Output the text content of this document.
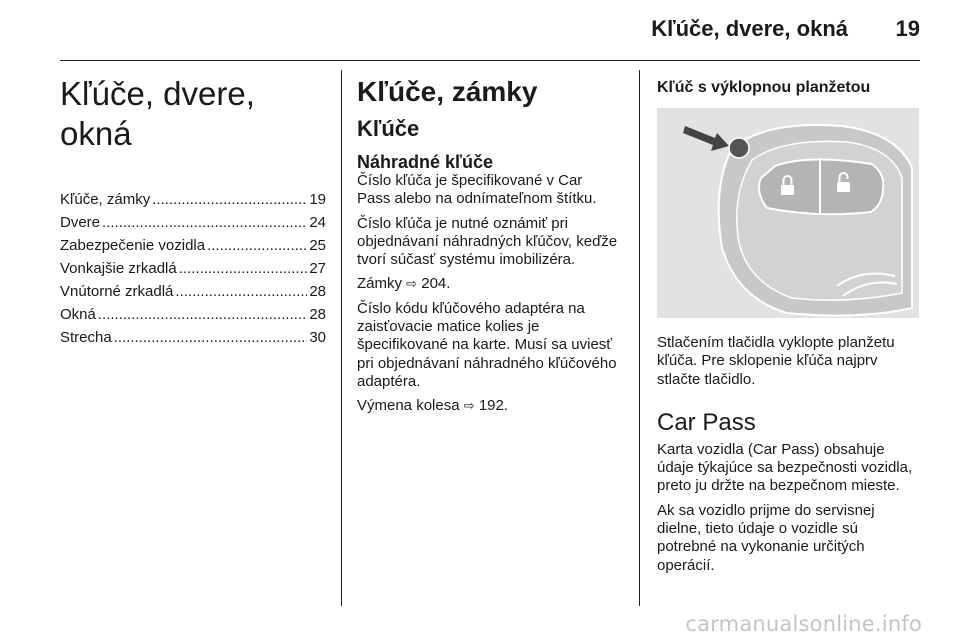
Kľúče, dvere, okná 19
Kľúče, dvere, okná
Kľúče, zámky .....	19
Dvere .....	24
Zabezpečenie vozidla .....	25
Vonkajšie zrkadlá .....	27
Vnútorné zrkadlá .....	28
Okná .....	28
Strecha .....	30
Kľúče, zámky
Kľúče
Náhradné kľúče

Číslo kľúča je špecifikované v Car Pass alebo na odnímateľnom štítku.

Číslo kľúča je nutné oznámiť pri objednávaní náhradných kľúčov, keďže tvorí súčasť systému imobilizéra.

Zámky ⇨ 204.

Číslo kódu kľúčového adaptéra na zaisťovacie matice kolies je špecifikované na karte. Musí sa uviesť pri objednávaní náhradného kľúčového adaptéra.

Výmena kolesa ⇨ 192.

Kľúč s výklopnou planžetou

Stlačením tlačidla vyklopte planžetu kľúča. Pre sklopenie kľúča najprv stlačte tlačidlo.

Car Pass

Karta vozidla (Car Pass) obsahuje údaje týkajúce sa bezpečnosti vozidla, preto ju držte na bezpečnom mieste.

Ak sa vozidlo prijme do servisnej dielne, tieto údaje o vozidle sú potrebné na vykonanie určitých operácií.

carmanualsonline.info
